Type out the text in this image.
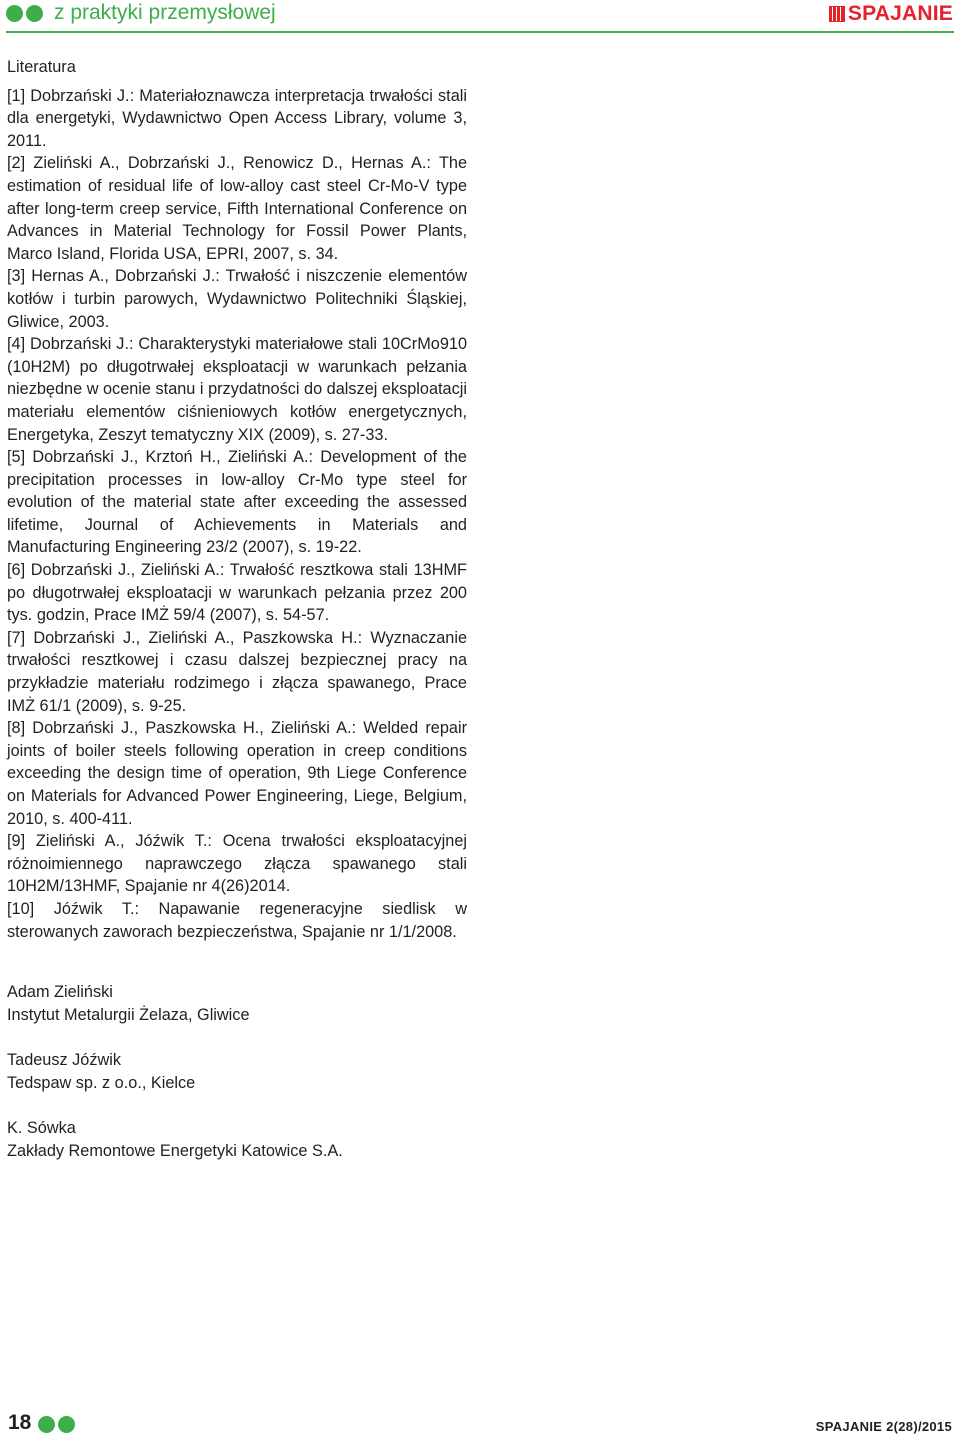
z praktyki przemysłowej	SPAJANIE

Literatura

[1] Dobrzański J.: Materiałoznawcza interpretacja trwałości stali dla energetyki, Wydawnictwo Open Access Library, volume 3, 2011.

[2] Zieliński A., Dobrzański J., Renowicz D., Hernas A.: The estimation of residual life of low-alloy cast steel Cr-Mo-V type after long-term creep service, Fifth International Conference on Advances in Material Technology for Fossil Power Plants, Marco Island, Florida USA, EPRI, 2007, s. 34.

[3] Hernas A., Dobrzański J.: Trwałość i niszczenie elementów kotłów i turbin parowych, Wydawnictwo Politechniki Śląskiej, Gliwice, 2003.

[4] Dobrzański J.: Charakterystyki materiałowe stali 10CrMo910 (10H2M) po długotrwałej eksploatacji w warunkach pełzania niezbędne w ocenie stanu i przydatności do dalszej eksploatacji materiału elementów ciśnieniowych kotłów energetycznych, Energetyka, Zeszyt tematyczny XIX (2009), s. 27-33.

[5] Dobrzański J., Krztoń H., Zieliński A.: Development of the precipitation processes in low-alloy Cr-Mo type steel for evolution of the material state after exceeding the assessed lifetime, Journal of Achievements in Materials and Manufacturing Engineering 23/2 (2007), s. 19-22.

[6] Dobrzański J., Zieliński A.: Trwałość resztkowa stali 13HMF po długotrwałej eksploatacji w warunkach pełzania przez 200 tys. godzin, Prace IMŻ 59/4 (2007), s. 54-57.

[7] Dobrzański J., Zieliński A., Paszkowska H.: Wyznaczanie trwałości resztkowej i czasu dalszej bezpiecznej pracy na przykładzie materiału rodzimego i złącza spawanego, Prace IMŻ 61/1 (2009), s. 9-25.

[8] Dobrzański J., Paszkowska H., Zieliński A.: Welded repair joints of boiler steels following operation in creep conditions exceeding the design time of operation, 9th Liege Conference on Materials for Advanced Power Engineering, Liege, Belgium, 2010, s. 400-411.

[9] Zieliński A., Jóźwik T.: Ocena trwałości eksploatacyjnej różnoimiennego naprawczego złącza spawanego stali 10H2M/13HMF, Spajanie nr 4(26)2014.

[10] Jóźwik T.: Napawanie regeneracyjne siedlisk w sterowanych zaworach bezpieczeństwa, Spajanie nr 1/1/2008.

Adam Zieliński
Instytut Metalurgii Żelaza, Gliwice
Tadeusz Jóźwik
Tedspaw sp. z o.o., Kielce
K. Sówka
Zakłady Remontowe Energetyki Katowice S.A.
18	SPAJANIE 2(28)/2015
